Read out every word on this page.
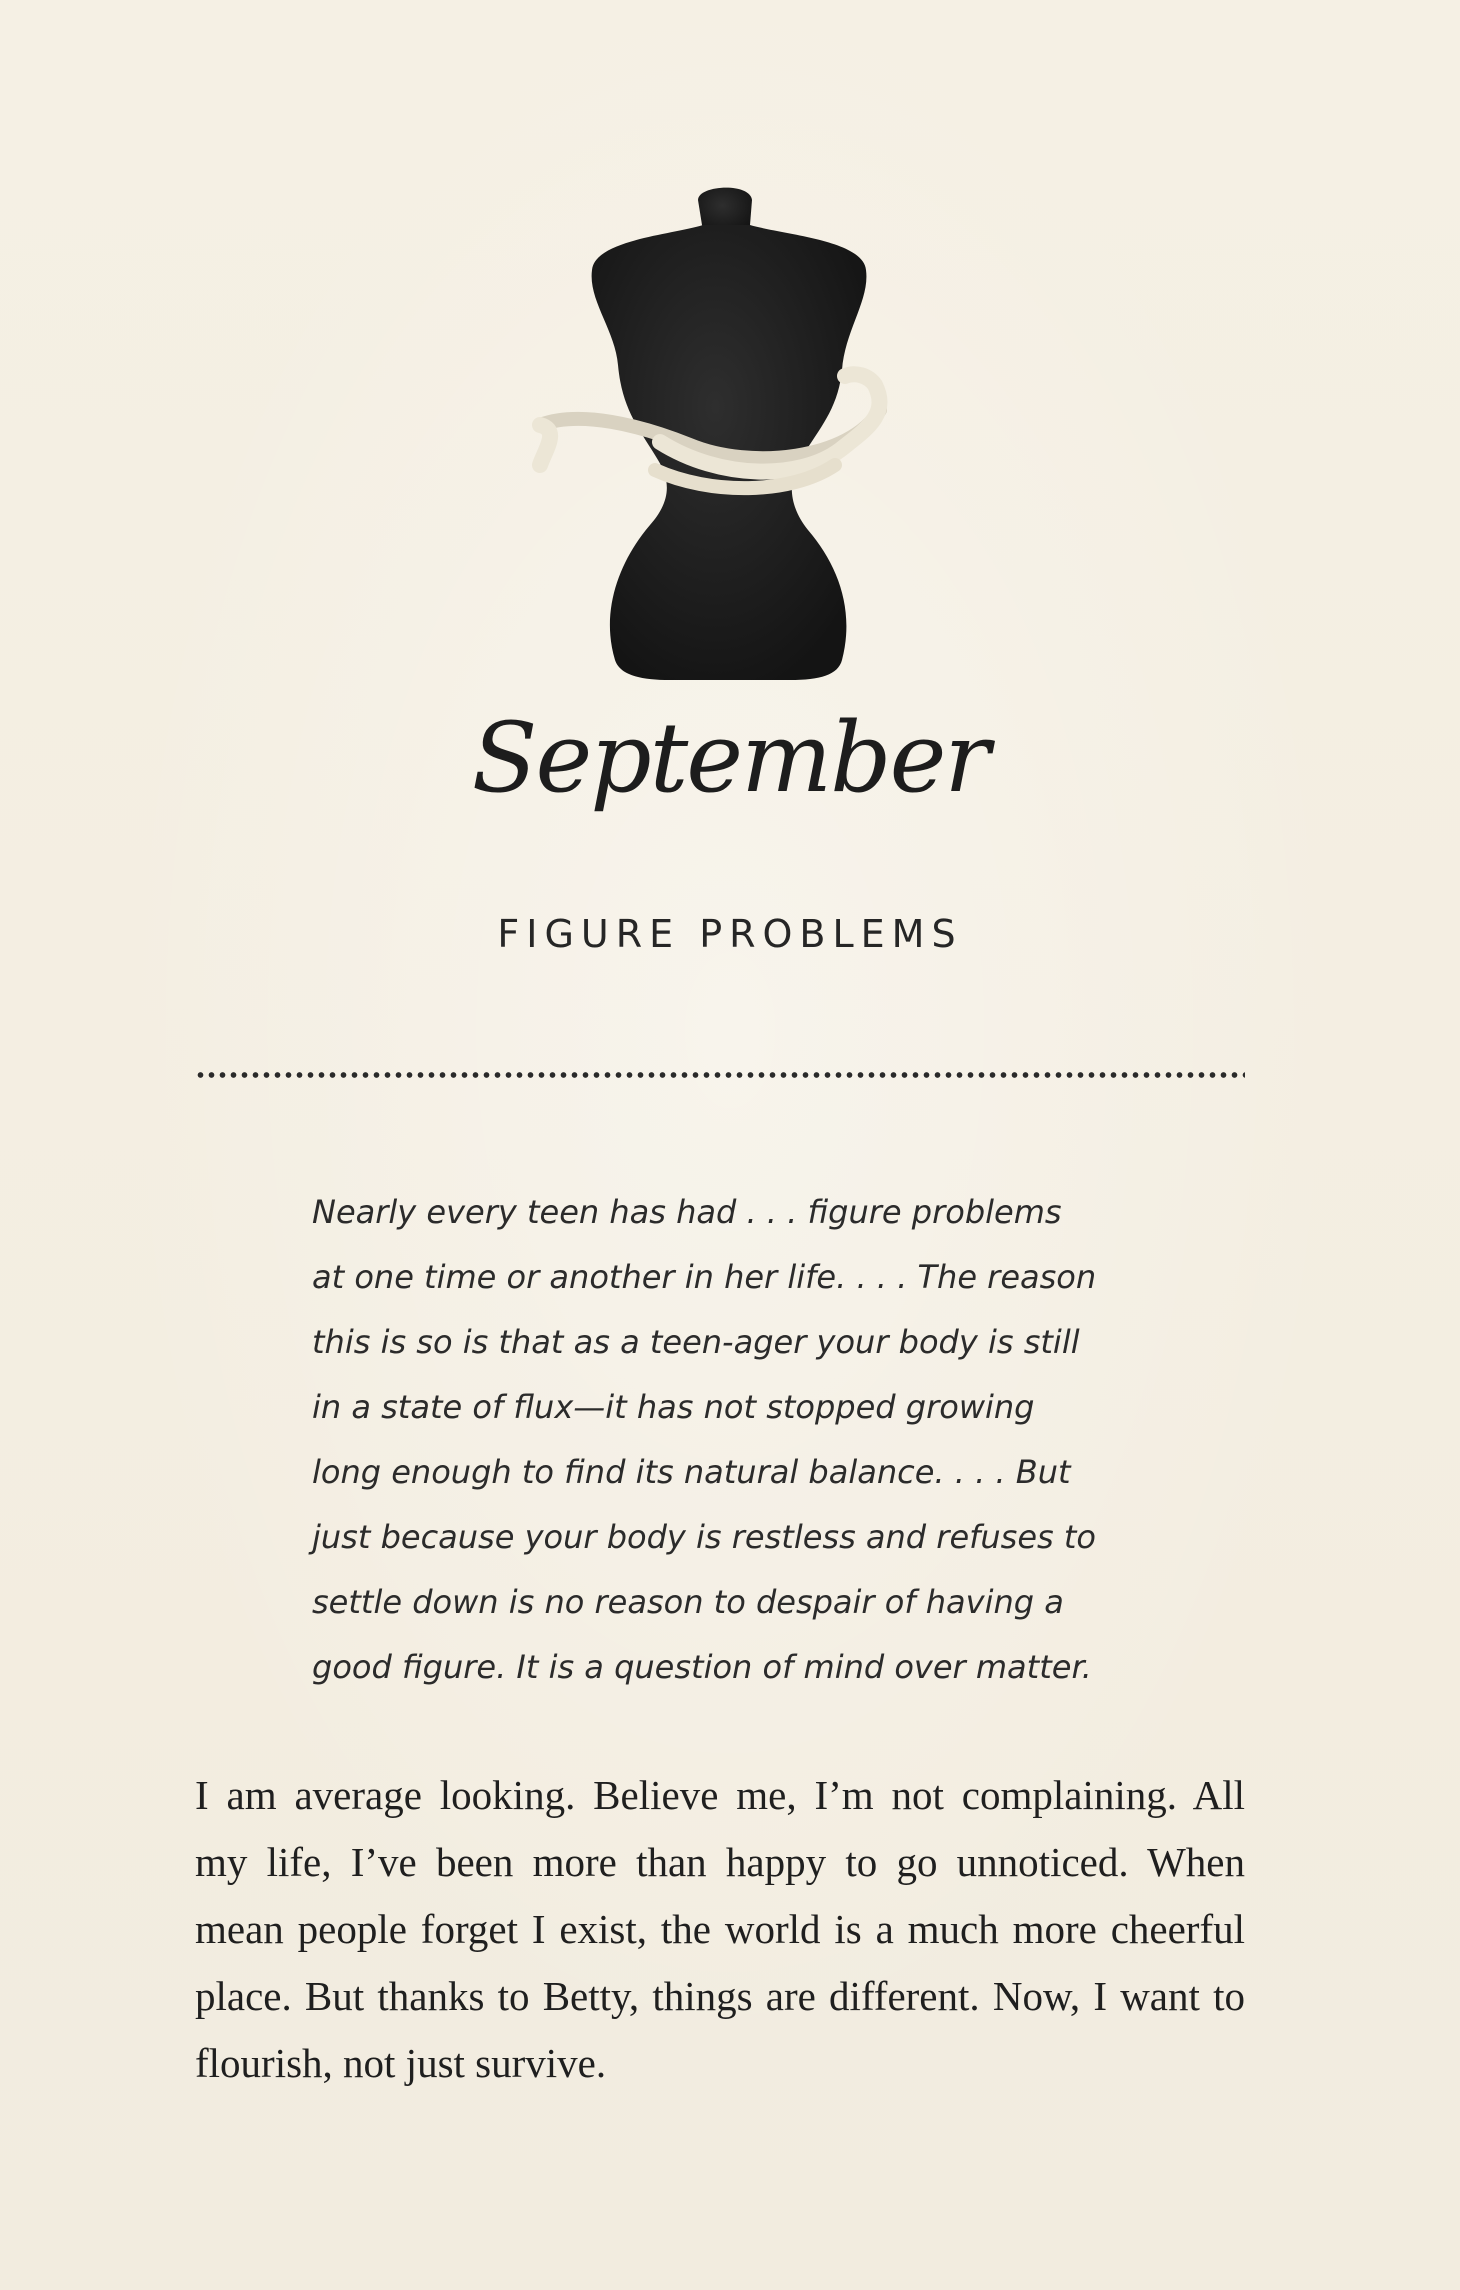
September
FIGURE PROBLEMS
Nearly every teen has had . . . figure problems
at one time or another in her life. . . . The reason
this is so is that as a teen-ager your body is still
in a state of flux—it has not stopped growing
long enough to find its natural balance. . . . But
just because your body is restless and refuses to
settle down is no reason to despair of having a
good figure. It is a question of mind over matter.
I am average looking. Believe me, I’m not complaining. All
my life, I’ve been more than happy to go unnoticed. When
mean people forget I exist, the world is a much more cheerful
place. But thanks to Betty, things are different. Now, I want to
flourish, not just survive.
